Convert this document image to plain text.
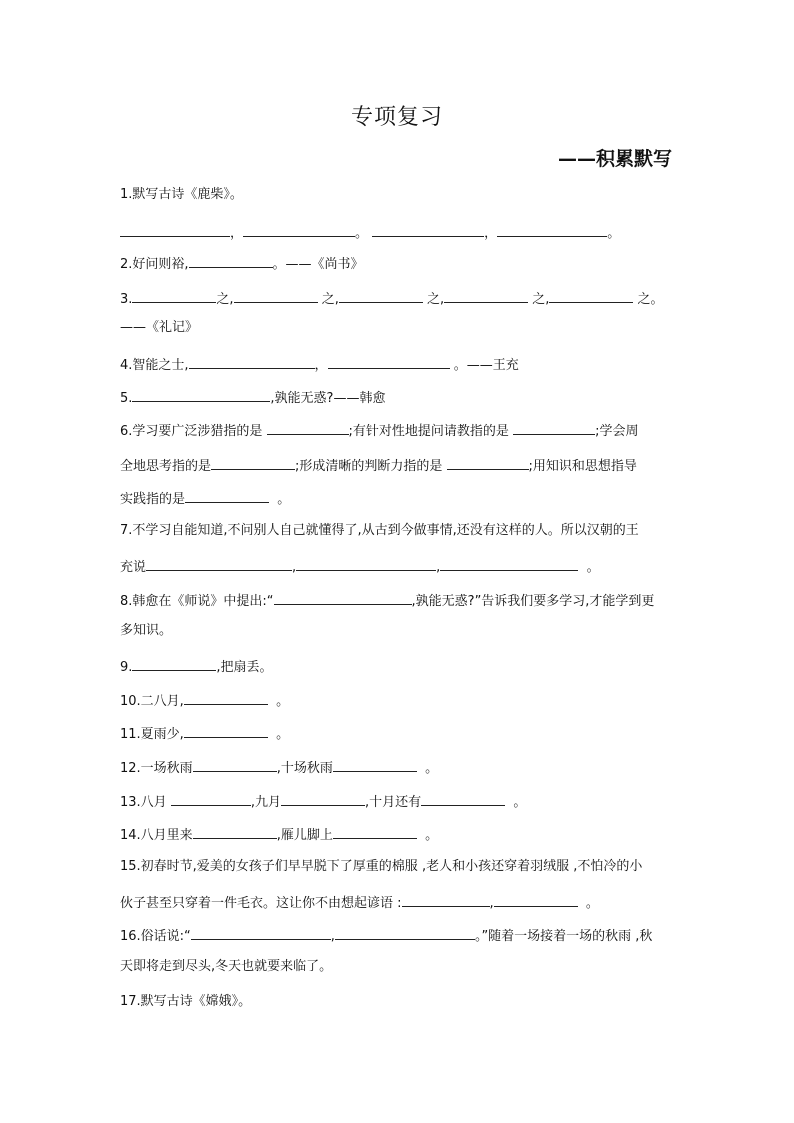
专项复习
——积累默写
1.默写古诗《鹿柴》。
，	。	，	。
2.好问则裕,	。——《尚书》
3.	之,	之,	之,	之,	之。
——《礼记》
4.智能之士,	，	。——王充
5.	,孰能无惑?——韩愈
6.学习要广泛涉猎指的是	;有针对性地提问请教指的是	;学会周
全地思考指的是	;形成清晰的判断力指的是	;用知识和思想指导
实践指的是	。
7.不学习自能知道,不问别人自己就懂得了,从古到今做事情,还没有这样的人。所以汉朝的王
充说	,	,	。
8.韩愈在《师说》中提出:“	,孰能无惑?”告诉我们要多学习,才能学到更
多知识。
9.	,把扇丢。
10.二八月,	。
11.夏雨少,	。
12.一场秋雨	,十场秋雨	。
13.八月	,九月	,十月还有	。
14.八月里来	,雁儿脚上	。
15.初春时节,爱美的女孩子们早早脱下了厚重的棉服 ,老人和小孩还穿着羽绒服 ,不怕冷的小
伙子甚至只穿着一件毛衣。这让你不由想起谚语 :	,	。
16.俗话说:“	,	。”随着一场接着一场的秋雨 ,秋
天即将走到尽头,冬天也就要来临了。
17.默写古诗《嫦娥》。
